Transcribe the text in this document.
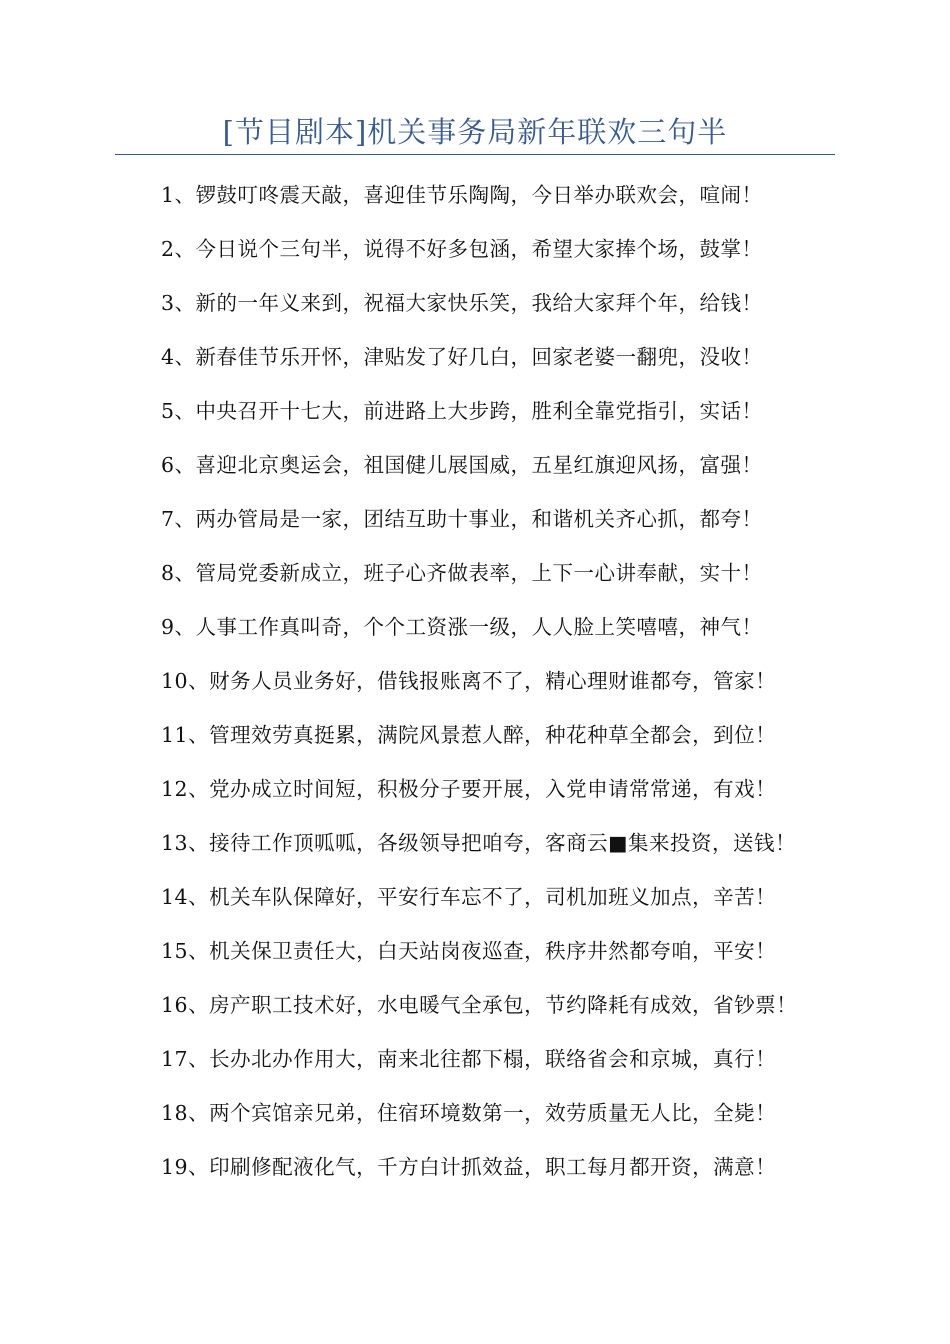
[节目剧本]机关事务局新年联欢三句半
1、锣鼓叮咚震天敲，喜迎佳节乐陶陶，今日举办联欢会，喧闹！
2、今日说个三句半，说得不好多包涵，希望大家捧个场，鼓掌！
3、新的一年义来到，祝福大家快乐笑，我给大家拜个年，给钱！
4、新春佳节乐开怀，津贴发了好几白，回家老婆一翻兜，没收！
5、中央召开十七大，前进路上大步跨，胜利全靠党指引，实话！
6、喜迎北京奥运会，祖国健儿展国威，五星红旗迎风扬，富强！
7、两办管局是一家，团结互助十事业，和谐机关齐心抓，都夸！
8、管局党委新成立，班子心齐做表率，上下一心讲奉献，实十！
9、人事工作真叫奇，个个工资涨一级，人人脸上笑嘻嘻，神气！
10、财务人员业务好，借钱报账离不了，精心理财谁都夸，管家！
11、管理效劳真挺累，满院风景惹人醉，种花种草全都会，到位！
12、党办成立时间短，积极分子要开展，入党申请常常递，有戏！
13、接待工作顶呱呱，各级领导把咱夸，客商云■集来投资，送钱！
14、机关车队保障好，平安行车忘不了，司机加班义加点，辛苦！
15、机关保卫责任大，白天站岗夜巡查，秩序井然都夸咱，平安！
16、房产职工技术好，水电暖气全承包，节约降耗有成效，省钞票！
17、长办北办作用大，南来北往都下榻，联络省会和京城，真行！
18、两个宾馆亲兄弟，住宿环境数第一，效劳质量无人比，全毙！
19、印刷修配液化气，千方白计抓效益，职工每月都开资，满意！
